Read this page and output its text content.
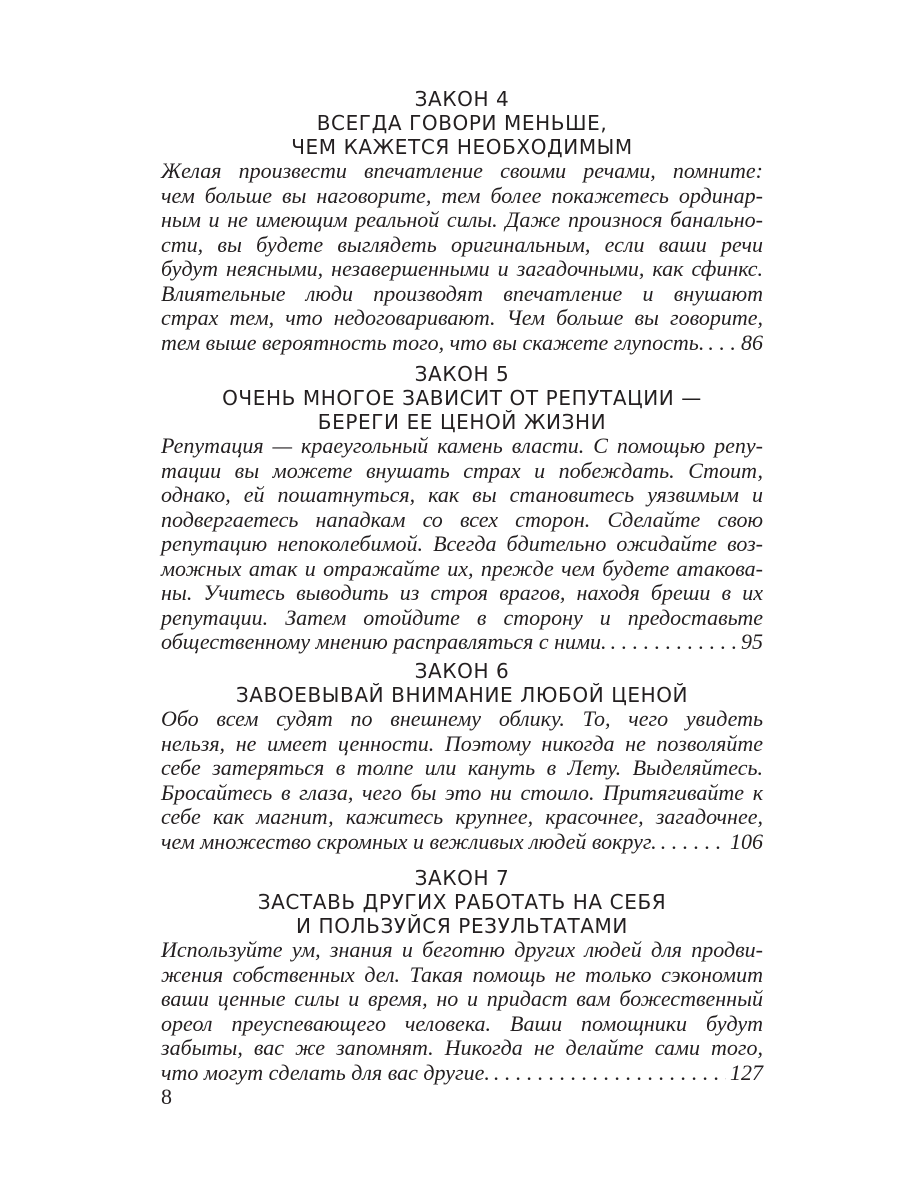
ЗАКОН 4
ВСЕГДА ГОВОРИ МЕНЬШЕ,
ЧЕМ КАЖЕТСЯ НЕОБХОДИМЫМ
Желая произвести впечатление своими речами, помните:
чем больше вы наговорите, тем более покажетесь ординар-
ным и не имеющим реальной силы. Даже произнося банально-
сти, вы будете выглядеть оригинальным, если ваши речи
будут неясными, незавершенными и загадочными, как сфинкс.
Влиятельные люди производят впечатление и внушают
страх тем, что недоговаривают. Чем больше вы говорите,
тем выше вероятность того, что вы скажете глупость. . . . 86
ЗАКОН 5
ОЧЕНЬ МНОГОЕ ЗАВИСИТ ОТ РЕПУТАЦИИ —
БЕРЕГИ ЕЕ ЦЕНОЙ ЖИЗНИ
Репутация — краеугольный камень власти. С помощью репу-
тации вы можете внушать страх и побеждать. Стоит,
однако, ей пошатнуться, как вы становитесь уязвимым и
подвергаетесь нападкам со всех сторон. Сделайте свою
репутацию непоколебимой. Всегда бдительно ожидайте воз-
можных атак и отражайте их, прежде чем будете атакова-
ны. Учитесь выводить из строя врагов, находя бреши в их
репутации. Затем отойдите в сторону и предоставьте
общественному мнению расправляться с ними. . . .	95
ЗАКОН 6
ЗАВОЕВЫВАЙ ВНИМАНИЕ ЛЮБОЙ ЦЕНОЙ
Обо всем судят по внешнему облику. То, чего увидеть
нельзя, не имеет ценности. Поэтому никогда не позволяйте
себе затеряться в толпе или кануть в Лету. Выделяйтесь.
Бросайтесь в глаза, чего бы это ни стоило. Притягивайте к
себе как магнит, кажитесь крупнее, красочнее, загадочнее,
чем множество скромных и вежливых людей вокруг. . . .	106
ЗАКОН 7
ЗАСТАВЬ ДРУГИХ РАБОТАТЬ НА СЕБЯ
И ПОЛЬЗУЙСЯ РЕЗУЛЬТАТАМИ
Используйте ум, знания и беготню других людей для продви-
жения собственных дел. Такая помощь не только сэкономит
ваши ценные силы и время, но и придаст вам божественный
ореол преуспевающего человека. Ваши помощники будут
забыты, вас же запомнят. Никогда не делайте сами того,
что могут сделать для вас другие. . . .	127
8
